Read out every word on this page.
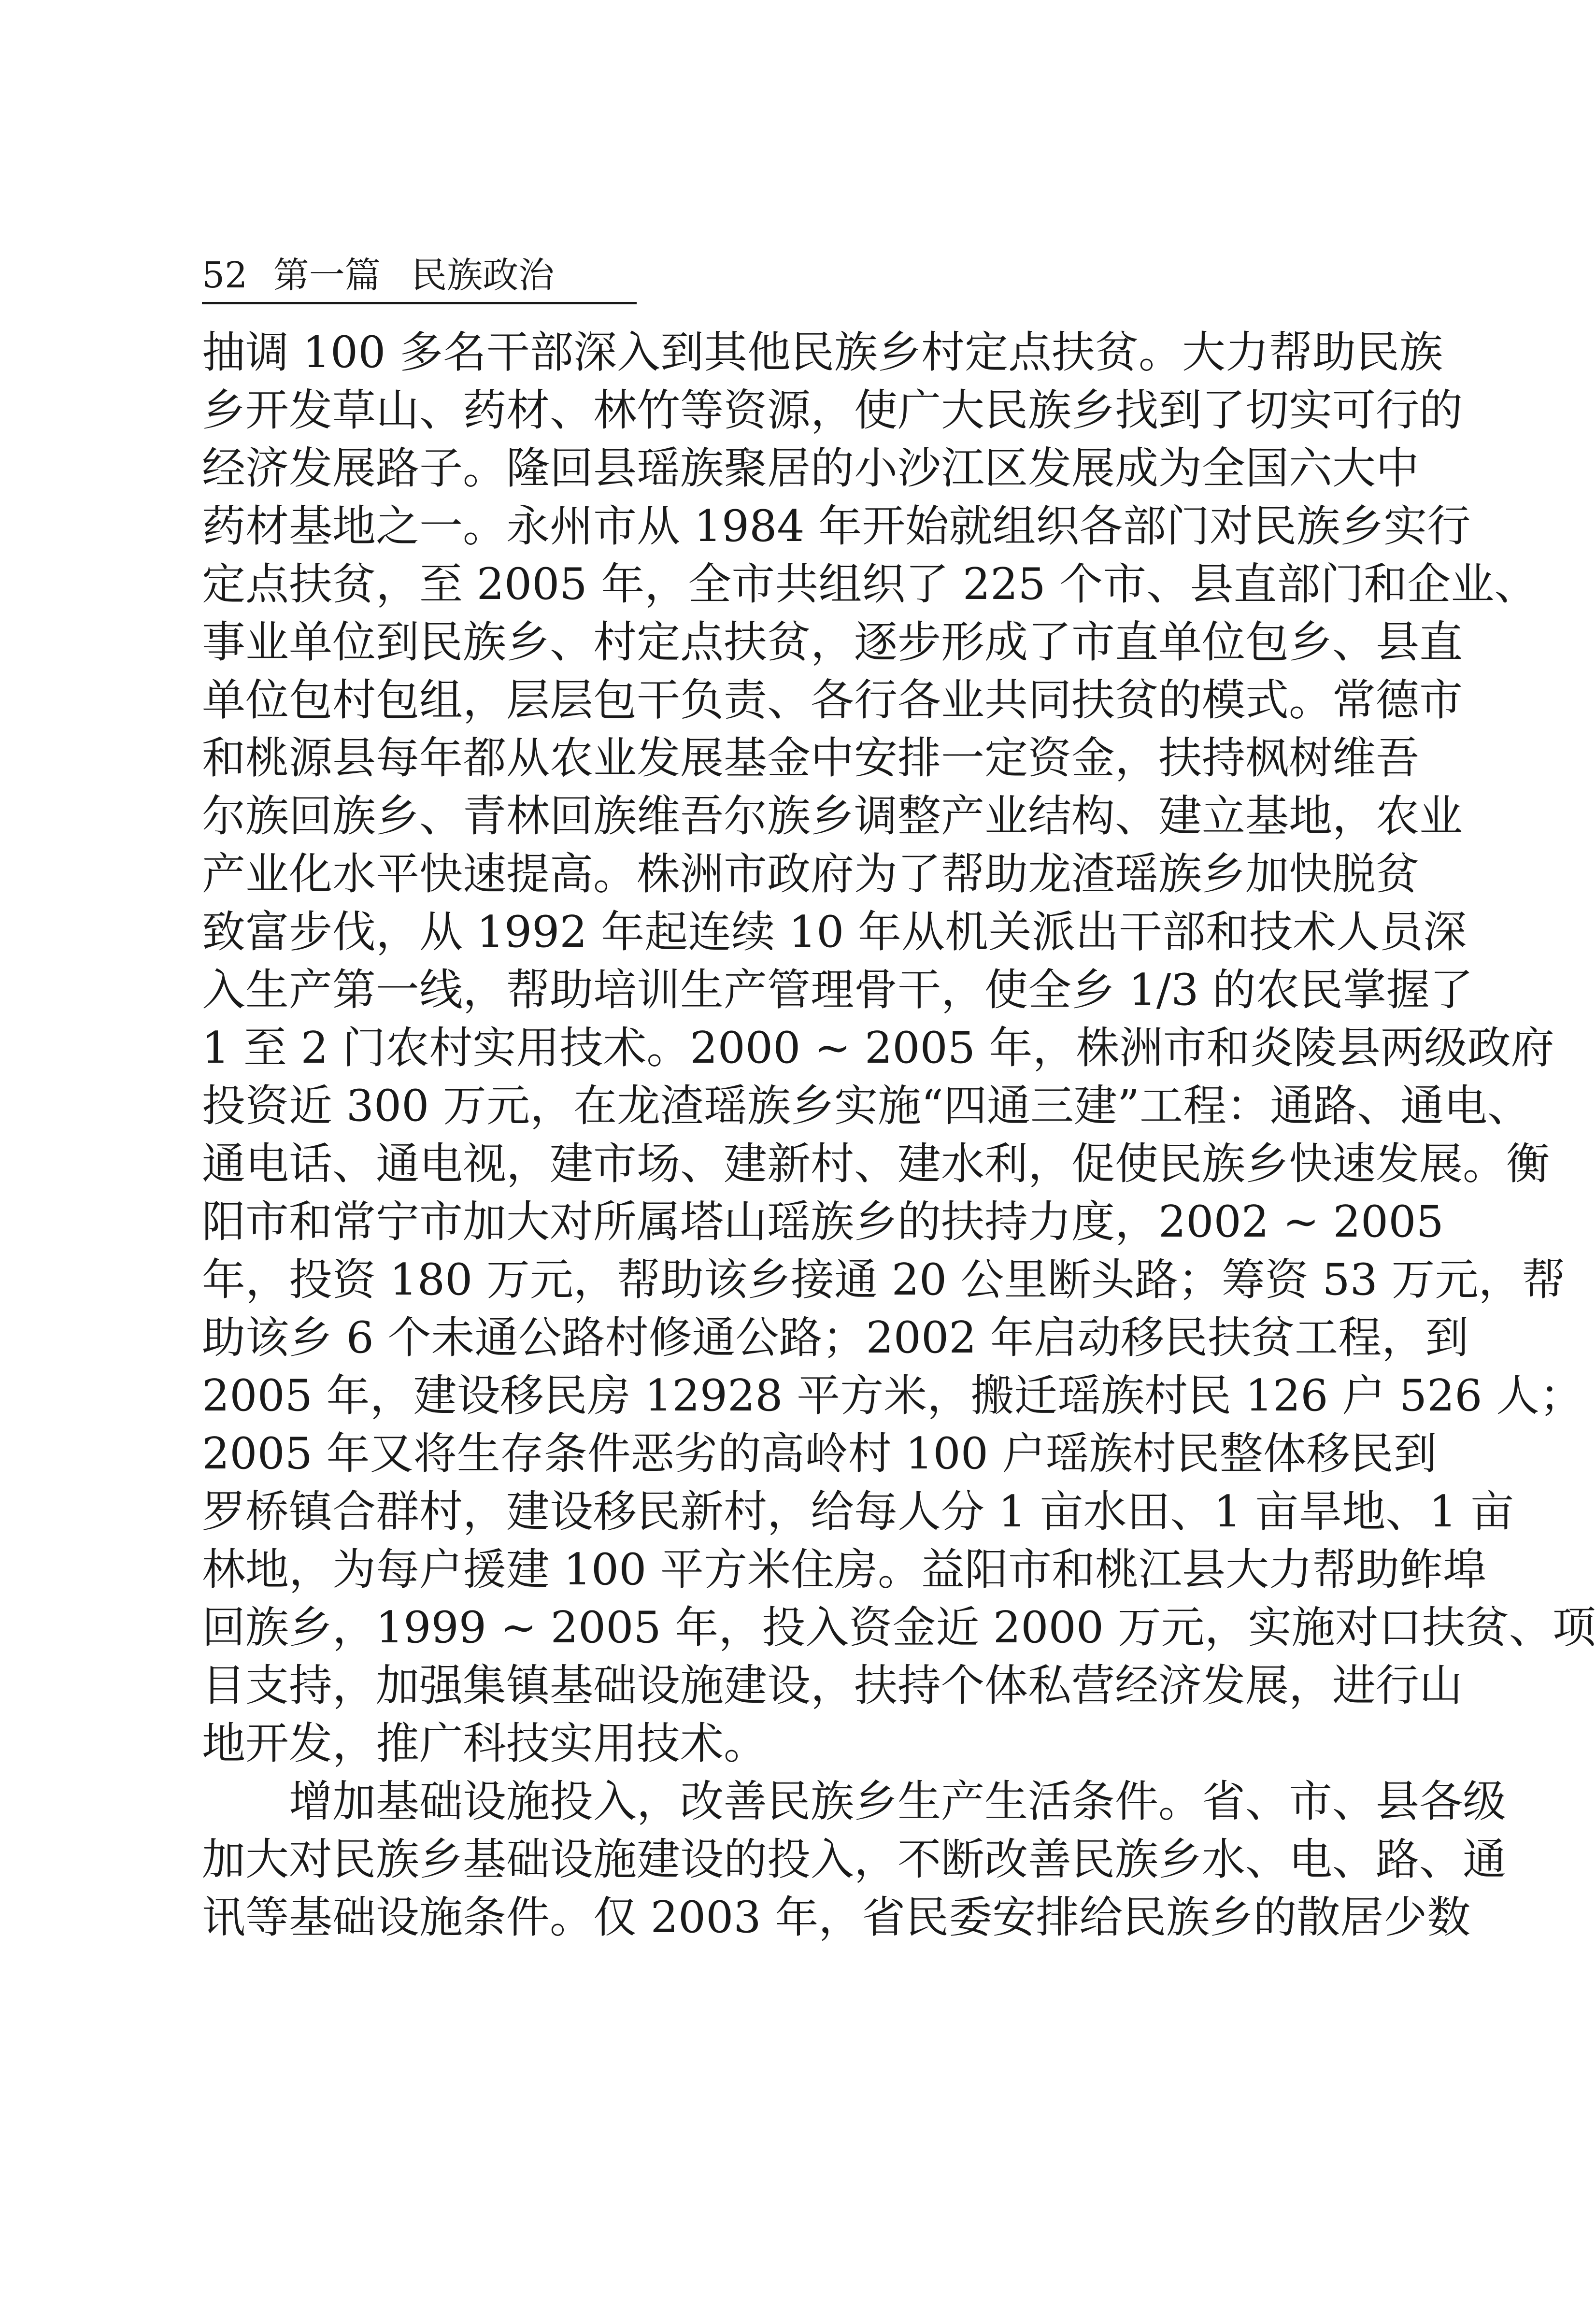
52 第一篇 民族政治
抽调 100 多名干部深入到其他民族乡村定点扶贫。大力帮助民族
乡开发草山、药材、林竹等资源，使广大民族乡找到了切实可行的
经济发展路子。隆回县瑶族聚居的小沙江区发展成为全国六大中
药材基地之一。永州市从 1984 年开始就组织各部门对民族乡实行
定点扶贫，至 2005 年，全市共组织了 225 个市、县直部门和企业、
事业单位到民族乡、村定点扶贫，逐步形成了市直单位包乡、县直
单位包村包组，层层包干负责、各行各业共同扶贫的模式。常德市
和桃源县每年都从农业发展基金中安排一定资金，扶持枫树维吾
尔族回族乡、青林回族维吾尔族乡调整产业结构、建立基地，农业
产业化水平快速提高。株洲市政府为了帮助龙渣瑶族乡加快脱贫
致富步伐，从 1992 年起连续 10 年从机关派出干部和技术人员深
入生产第一线，帮助培训生产管理骨干，使全乡 1/3 的农民掌握了
1 至 2 门农村实用技术。2000 ~ 2005 年，株洲市和炎陵县两级政府
投资近 300 万元，在龙渣瑶族乡实施“四通三建”工程：通路、通电、
通电话、通电视，建市场、建新村、建水利，促使民族乡快速发展。衡
阳市和常宁市加大对所属塔山瑶族乡的扶持力度，2002 ~ 2005
年，投资 180 万元，帮助该乡接通 20 公里断头路；筹资 53 万元，帮
助该乡 6 个未通公路村修通公路；2002 年启动移民扶贫工程，到
2005 年，建设移民房 12928 平方米，搬迁瑶族村民 126 户 526 人；
2005 年又将生存条件恶劣的高岭村 100 户瑶族村民整体移民到
罗桥镇合群村，建设移民新村，给每人分 1 亩水田、1 亩旱地、1 亩
林地，为每户援建 100 平方米住房。益阳市和桃江县大力帮助鲊埠
回族乡，1999 ~ 2005 年，投入资金近 2000 万元，实施对口扶贫、项
目支持，加强集镇基础设施建设，扶持个体私营经济发展，进行山
地开发，推广科技实用技术。
增加基础设施投入，改善民族乡生产生活条件。省、市、县各级
加大对民族乡基础设施建设的投入，不断改善民族乡水、电、路、通
讯等基础设施条件。仅 2003 年，省民委安排给民族乡的散居少数
